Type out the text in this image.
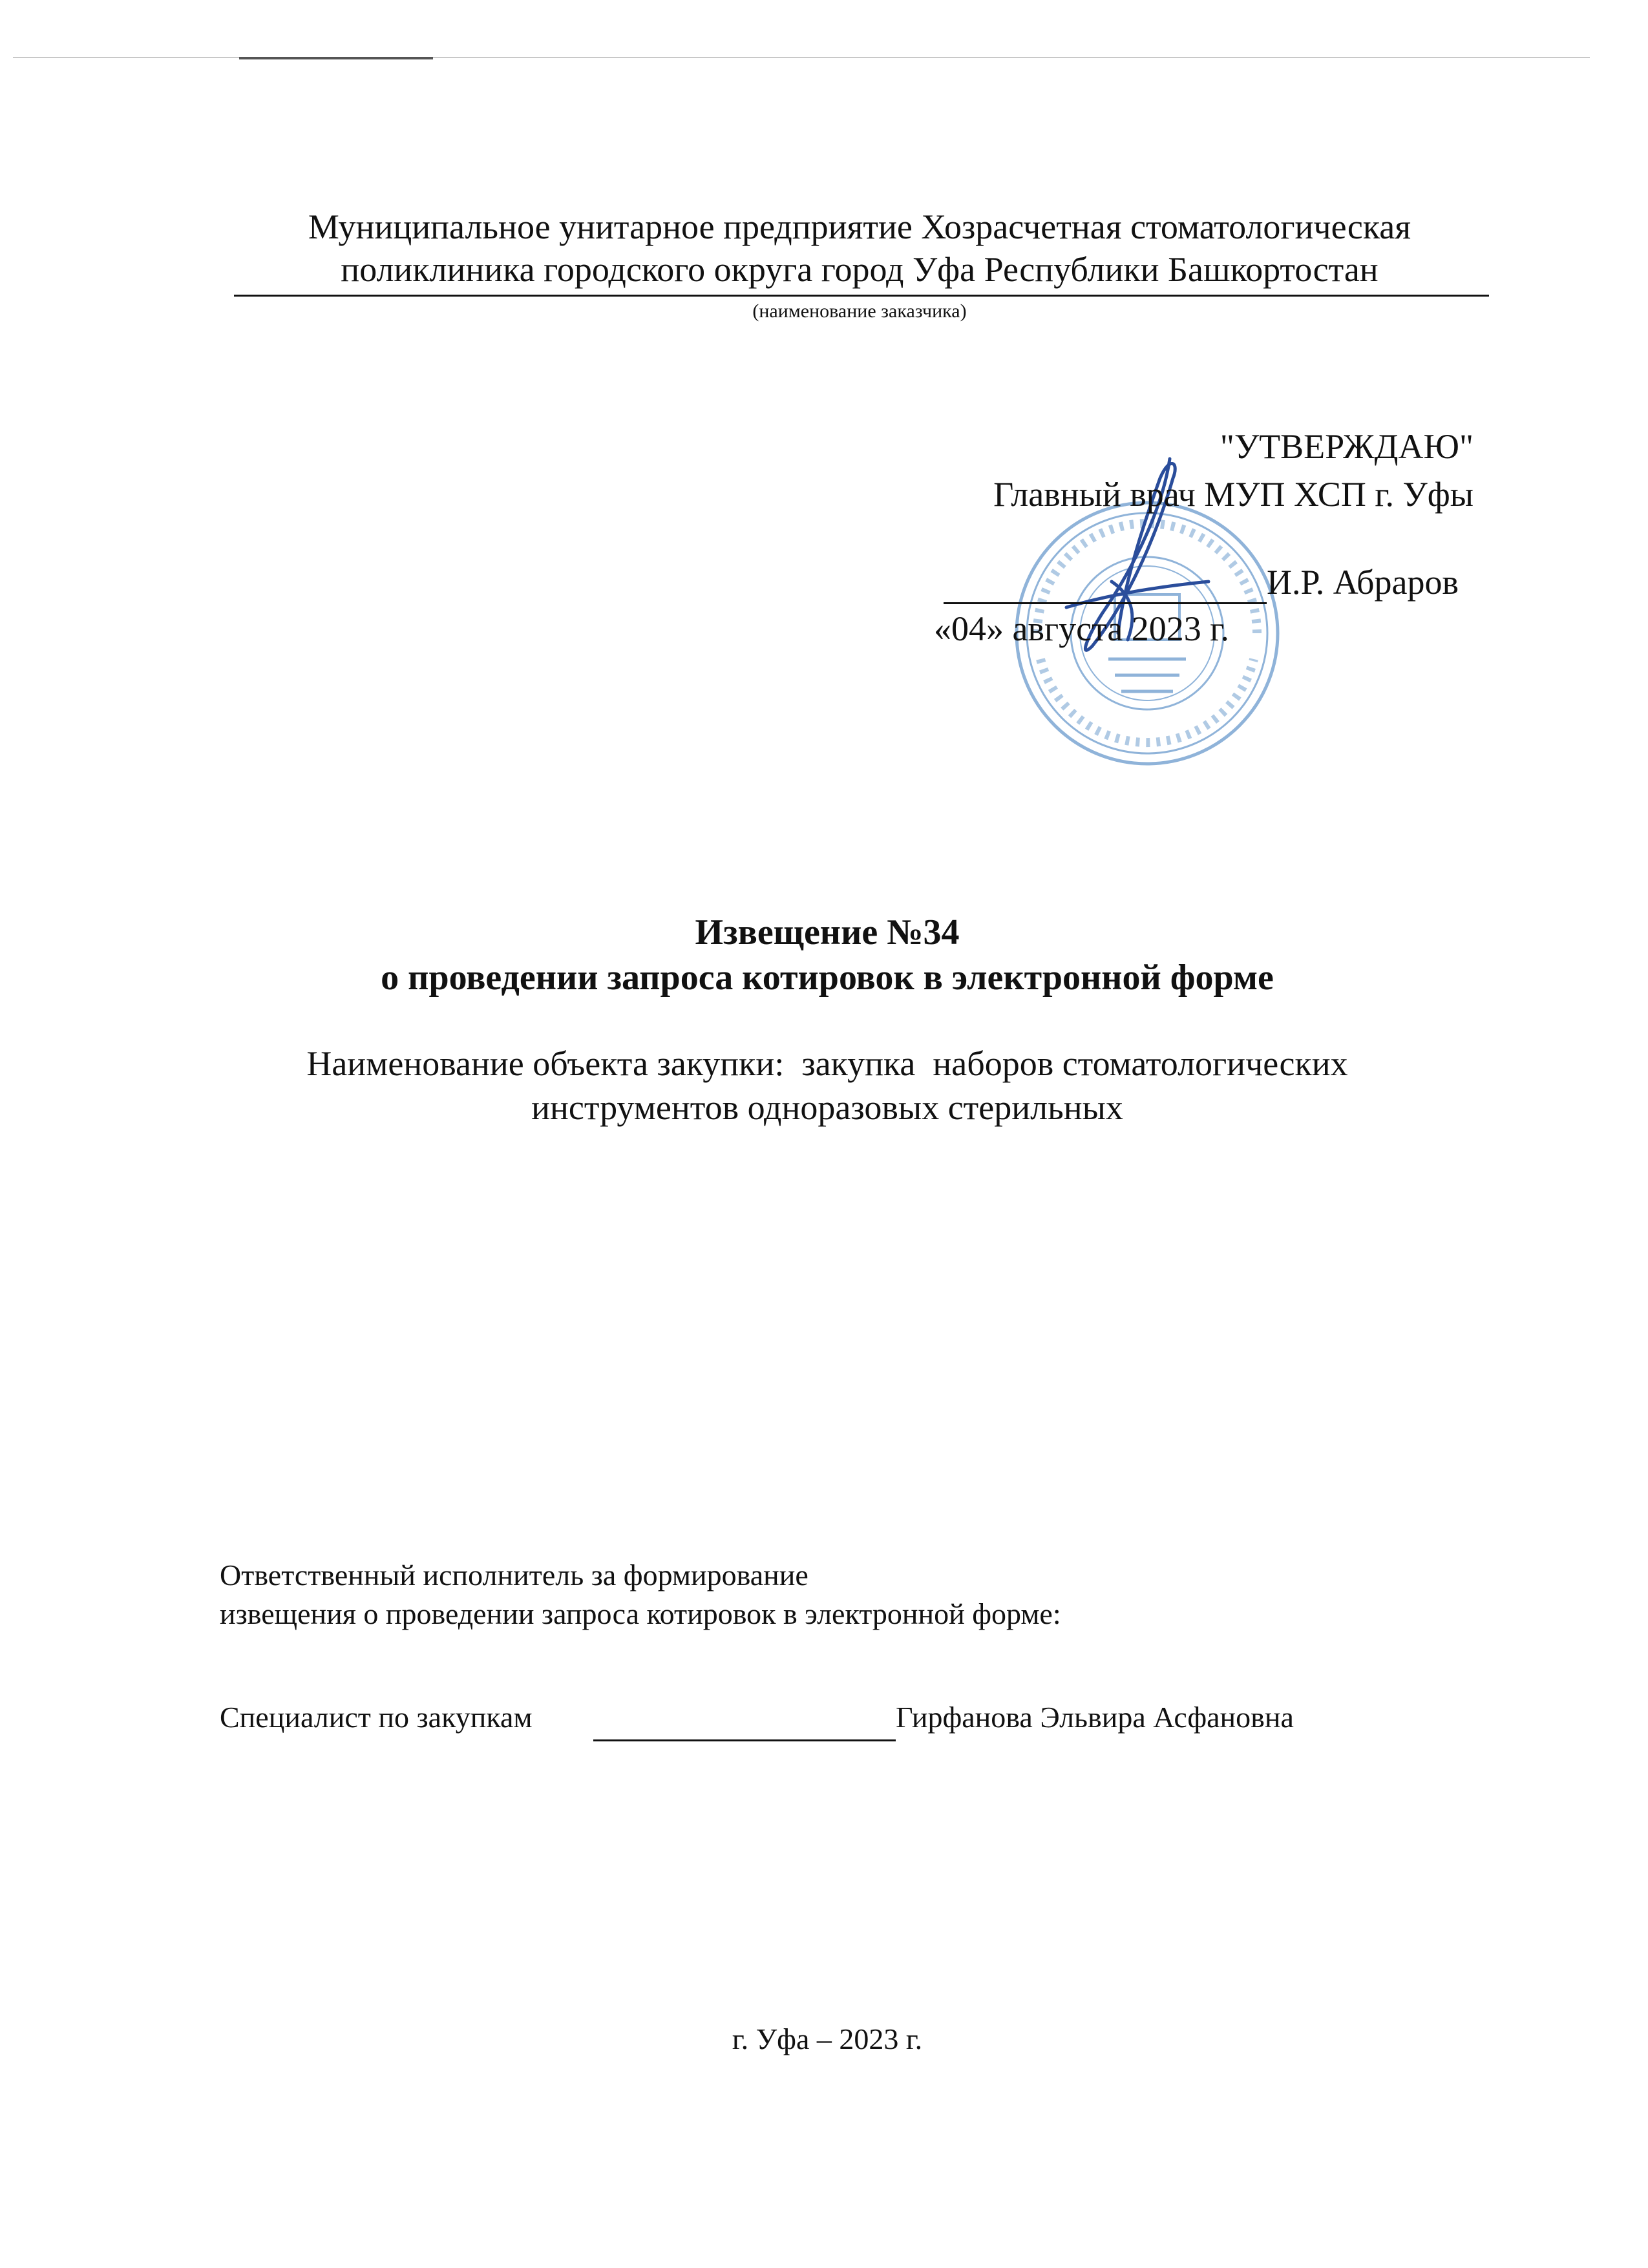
Муниципальное унитарное предприятие Хозрасчетная стоматологическая
поликлиника городского округа город Уфа Республики Башкортостан
(наименование заказчика)
"УТВЕРЖДАЮ"
Главный врач МУП ХСП г. Уфы
И.Р. Абраров
«04» августа 2023 г.
Извещение №34
о проведении запроса котировок в электронной форме
Наименование объекта закупки:  закупка  наборов стоматологических
инструментов одноразовых стерильных
Ответственный исполнитель за формирование
извещения о проведении запроса котировок в электронной форме:
Специалист по закупкам	Гирфанова Эльвира Асфановна
г. Уфа – 2023 г.
